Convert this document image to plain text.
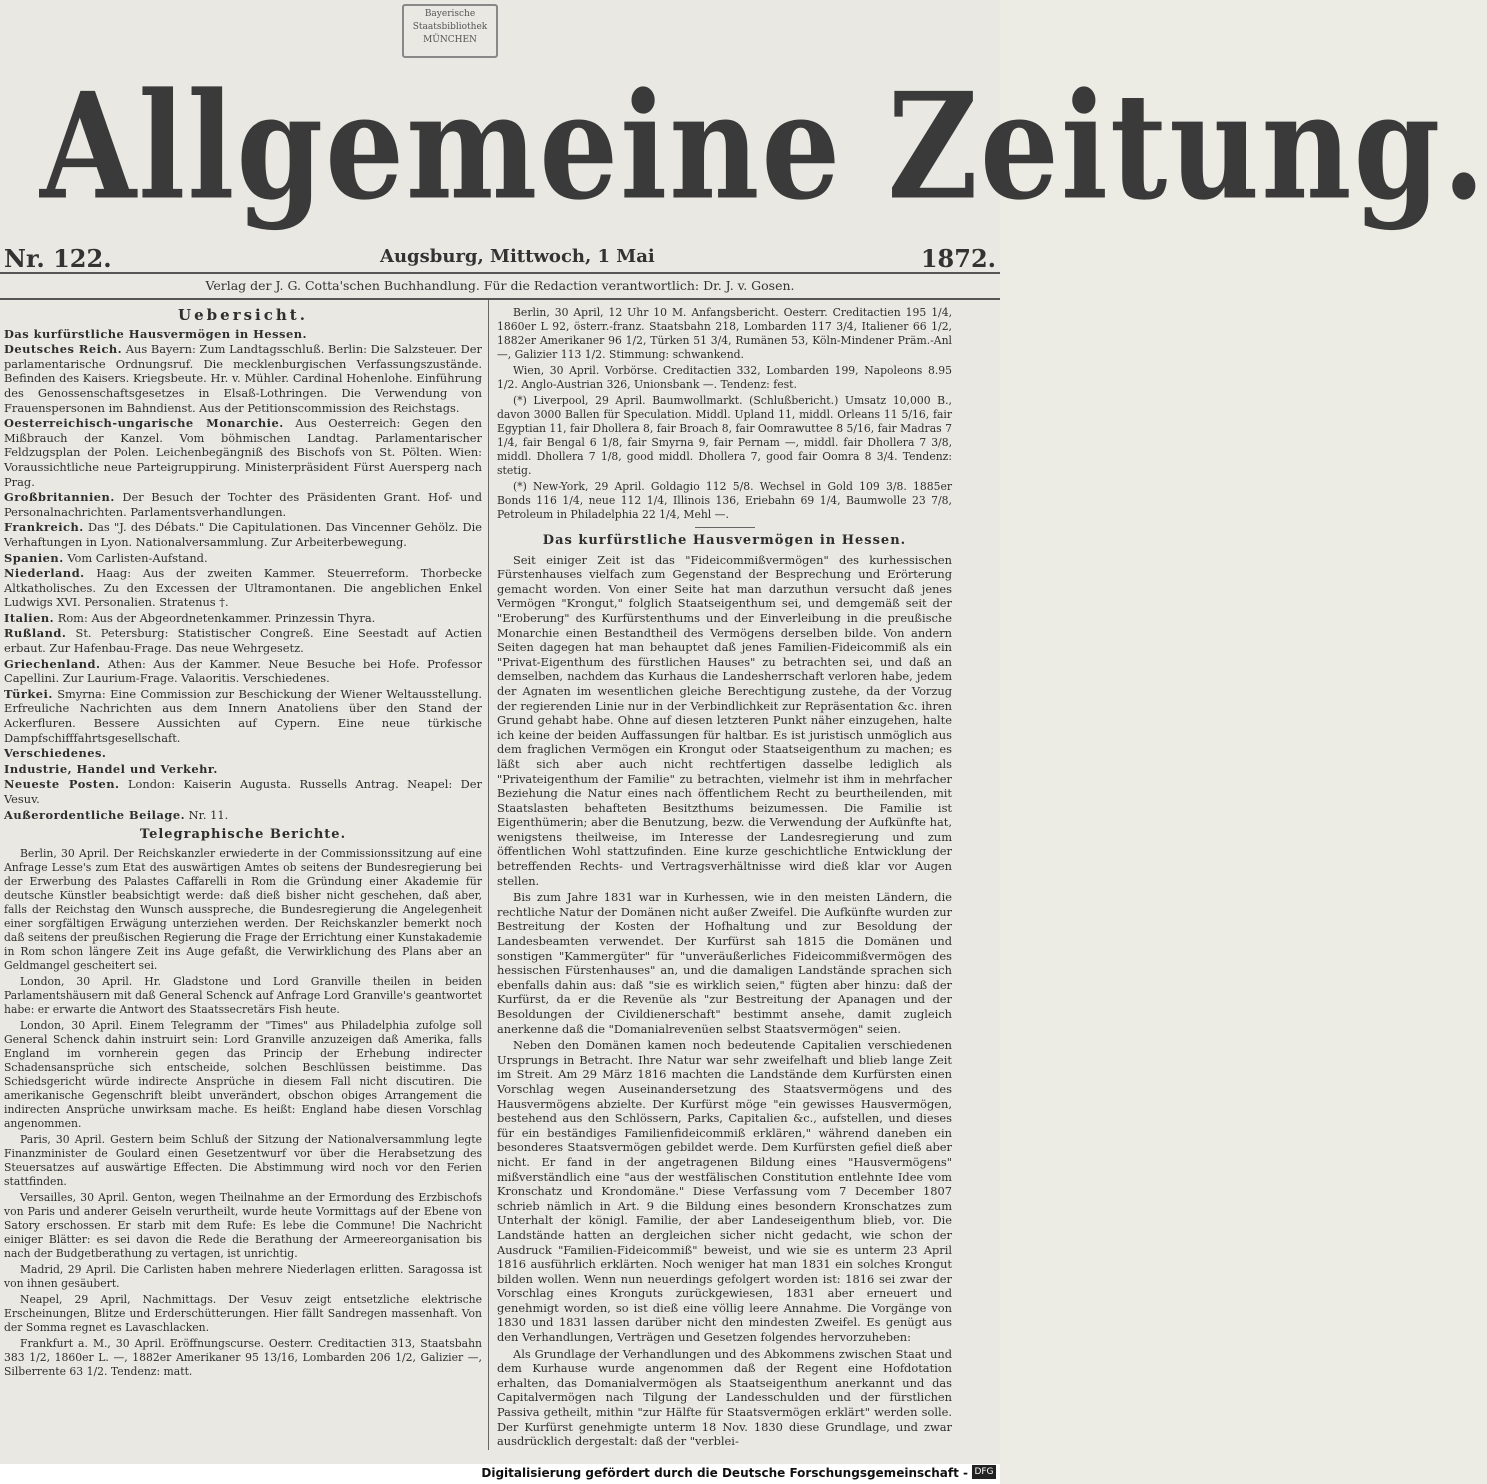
Bayerische
Staatsbibliothek
MÜNCHEN
Allgemeine Zeitung.
Nr. 122.	Augsburg, Mittwoch, 1 Mai	1872.
Verlag der J. G. Cotta'schen Buchhandlung. Für die Redaction verantwortlich: Dr. J. v. Gosen.
Uebersicht.
Das kurfürstliche Hausvermögen in Hessen.
Deutsches Reich. Aus Bayern: Zum Landtagsschluß. Berlin: Die Salzsteuer. Der parlamentarische Ordnungsruf. Die mecklenburgischen Verfassungszustände. Befinden des Kaisers. Kriegsbeute. Hr. v. Mühler. Cardinal Hohenlohe. Einführung des Genossenschaftsgesetzes in Elsaß-Lothringen. Die Verwendung von Frauenspersonen im Bahndienst. Aus der Petitionscommission des Reichstags.
Oesterreichisch-ungarische Monarchie. Aus Oesterreich: Gegen den Mißbrauch der Kanzel. Vom böhmischen Landtag. Parlamentarischer Feldzugsplan der Polen. Leichenbegängniß des Bischofs von St. Pölten. Wien: Voraussichtliche neue Parteigruppirung. Ministerpräsident Fürst Auersperg nach Prag.
Großbritannien. Der Besuch der Tochter des Präsidenten Grant. Hof- und Personalnachrichten. Parlamentsverhandlungen.
Frankreich. Das "J. des Débats." Die Capitulationen. Das Vincenner Gehölz. Die Verhaftungen in Lyon. Nationalversammlung. Zur Arbeiterbewegung.
Spanien. Vom Carlisten-Aufstand.
Niederland. Haag: Aus der zweiten Kammer. Steuerreform. Thorbecke Altkatholisches. Zu den Excessen der Ultramontanen. Die angeblichen Enkel Ludwigs XVI. Personalien. Stratenus †.
Italien. Rom: Aus der Abgeordnetenkammer. Prinzessin Thyra.
Rußland. St. Petersburg: Statistischer Congreß. Eine Seestadt auf Actien erbaut. Zur Hafenbau-Frage. Das neue Wehrgesetz.
Griechenland. Athen: Aus der Kammer. Neue Besuche bei Hofe. Professor Capellini. Zur Laurium-Frage. Valaoritis. Verschiedenes.
Türkei. Smyrna: Eine Commission zur Beschickung der Wiener Weltausstellung. Erfreuliche Nachrichten aus dem Innern Anatoliens über den Stand der Ackerfluren. Bessere Aussichten auf Cypern. Eine neue türkische Dampfschifffahrtsgesellschaft.
Verschiedenes.
Industrie, Handel und Verkehr.
Neueste Posten. London: Kaiserin Augusta. Russells Antrag. Neapel: Der Vesuv.
Außerordentliche Beilage. Nr. 11.
Telegraphische Berichte.

Berlin, 30 April. Der Reichskanzler erwiederte in der Commissionssitzung auf eine Anfrage Lesse's zum Etat des auswärtigen Amtes ob seitens der Bundesregierung bei der Erwerbung des Palastes Caffarelli in Rom die Gründung einer Akademie für deutsche Künstler beabsichtigt werde: daß dieß bisher nicht geschehen, daß aber, falls der Reichstag den Wunsch ausspreche, die Bundesregierung die Angelegenheit einer sorgfältigen Erwägung unterziehen werden. Der Reichskanzler bemerkt noch daß seitens der preußischen Regierung die Frage der Errichtung einer Kunstakademie in Rom schon längere Zeit ins Auge gefaßt, die Verwirklichung des Plans aber an Geldmangel gescheitert sei.

London, 30 April. Hr. Gladstone und Lord Granville theilen in beiden Parlamentshäusern mit daß General Schenck auf Anfrage Lord Granville's geantwortet habe: er erwarte die Antwort des Staatssecretärs Fish heute.

London, 30 April. Einem Telegramm der "Times" aus Philadelphia zufolge soll General Schenck dahin instruirt sein: Lord Granville anzuzeigen daß Amerika, falls England im vornherein gegen das Princip der Erhebung indirecter Schadensansprüche sich entscheide, solchen Beschlüssen beistimme. Das Schiedsgericht würde indirecte Ansprüche in diesem Fall nicht discutiren. Die amerikanische Gegenschrift bleibt unverändert, obschon obiges Arrangement die indirecten Ansprüche unwirksam mache. Es heißt: England habe diesen Vorschlag angenommen.

Paris, 30 April. Gestern beim Schluß der Sitzung der Nationalversammlung legte Finanzminister de Goulard einen Gesetzentwurf vor über die Herabsetzung des Steuersatzes auf auswärtige Effecten. Die Abstimmung wird noch vor den Ferien stattfinden.

Versailles, 30 April. Genton, wegen Theilnahme an der Ermordung des Erzbischofs von Paris und anderer Geiseln verurtheilt, wurde heute Vormittags auf der Ebene von Satory erschossen. Er starb mit dem Rufe: Es lebe die Commune! Die Nachricht einiger Blätter: es sei davon die Rede die Berathung der Armeereorganisation bis nach der Budgetberathung zu vertagen, ist unrichtig.

Madrid, 29 April. Die Carlisten haben mehrere Niederlagen erlitten. Saragossa ist von ihnen gesäubert.

Neapel, 29 April, Nachmittags. Der Vesuv zeigt entsetzliche elektrische Erscheinungen, Blitze und Erderschütterungen. Hier fällt Sandregen massenhaft. Von der Somma regnet es Lavaschlacken.

Frankfurt a. M., 30 April. Eröffnungscurse. Oesterr. Creditactien 313, Staatsbahn 383 1/2, 1860er L. —, 1882er Amerikaner 95 13/16, Lombarden 206 1/2, Galizier —, Silberrente 63 1/2. Tendenz: matt.

Berlin, 30 April, 12 Uhr 10 M. Anfangsbericht. Oesterr. Creditactien 195 1/4, 1860er L 92, österr.-franz. Staatsbahn 218, Lombarden 117 3/4, Italiener 66 1/2, 1882er Amerikaner 96 1/2, Türken 51 3/4, Rumänen 53, Köln-Mindener Präm.-Anl —, Galizier 113 1/2. Stimmung: schwankend.

Wien, 30 April. Vorbörse. Creditactien 332, Lombarden 199, Napoleons 8.95 1/2. Anglo-Austrian 326, Unionsbank —. Tendenz: fest.

(*) Liverpool, 29 April. Baumwollmarkt. (Schlußbericht.) Umsatz 10,000 B., davon 3000 Ballen für Speculation. Middl. Upland 11, middl. Orleans 11 5/16, fair Egyptian 11, fair Dhollera 8, fair Broach 8, fair Oomrawuttee 8 5/16, fair Madras 7 1/4, fair Bengal 6 1/8, fair Smyrna 9, fair Pernam —, middl. fair Dhollera 7 3/8, middl. Dhollera 7 1/8, good middl. Dhollera 7, good fair Oomra 8 3/4. Tendenz: stetig.

(*) New-York, 29 April. Goldagio 112 5/8. Wechsel in Gold 109 3/8. 1885er Bonds 116 1/4, neue 112 1/4, Illinois 136, Eriebahn 69 1/4, Baumwolle 23 7/8, Petroleum in Philadelphia 22 1/4, Mehl —.

Das kurfürstliche Hausvermögen in Hessen.

Seit einiger Zeit ist das "Fideicommißvermögen" des kurhessischen Fürstenhauses vielfach zum Gegenstand der Besprechung und Erörterung gemacht worden. Von einer Seite hat man darzuthun versucht daß jenes Vermögen "Krongut," folglich Staatseigenthum sei, und demgemäß seit der "Eroberung" des Kurfürstenthums und der Einverleibung in die preußische Monarchie einen Bestandtheil des Vermögens derselben bilde. Von andern Seiten dagegen hat man behauptet daß jenes Familien-Fideicommiß als ein "Privat-Eigenthum des fürstlichen Hauses" zu betrachten sei, und daß an demselben, nachdem das Kurhaus die Landesherrschaft verloren habe, jedem der Agnaten im wesentlichen gleiche Berechtigung zustehe, da der Vorzug der regierenden Linie nur in der Verbindlichkeit zur Repräsentation &c. ihren Grund gehabt habe. Ohne auf diesen letzteren Punkt näher einzugehen, halte ich keine der beiden Auffassungen für haltbar. Es ist juristisch unmöglich aus dem fraglichen Vermögen ein Krongut oder Staatseigenthum zu machen; es läßt sich aber auch nicht rechtfertigen dasselbe lediglich als "Privateigenthum der Familie" zu betrachten, vielmehr ist ihm in mehrfacher Beziehung die Natur eines nach öffentlichem Recht zu beurtheilenden, mit Staatslasten behafteten Besitzthums beizumessen. Die Familie ist Eigenthümerin; aber die Benutzung, bezw. die Verwendung der Aufkünfte hat, wenigstens theilweise, im Interesse der Landesregierung und zum öffentlichen Wohl stattzufinden. Eine kurze geschichtliche Entwicklung der betreffenden Rechts- und Vertragsverhältnisse wird dieß klar vor Augen stellen.

Bis zum Jahre 1831 war in Kurhessen, wie in den meisten Ländern, die rechtliche Natur der Domänen nicht außer Zweifel. Die Aufkünfte wurden zur Bestreitung der Kosten der Hofhaltung und zur Besoldung der Landesbeamten verwendet. Der Kurfürst sah 1815 die Domänen und sonstigen "Kammergüter" für "unveräußerliches Fideicommißvermögen des hessischen Fürstenhauses" an, und die damaligen Landstände sprachen sich ebenfalls dahin aus: daß "sie es wirklich seien," fügten aber hinzu: daß der Kurfürst, da er die Revenüe als "zur Bestreitung der Apanagen und der Besoldungen der Civildienerschaft" bestimmt ansehe, damit zugleich anerkenne daß die "Domanialrevenüen selbst Staatsvermögen" seien.

Neben den Domänen kamen noch bedeutende Capitalien verschiedenen Ursprungs in Betracht. Ihre Natur war sehr zweifelhaft und blieb lange Zeit im Streit. Am 29 März 1816 machten die Landstände dem Kurfürsten einen Vorschlag wegen Auseinandersetzung des Staatsvermögens und des Hausvermögens abzielte. Der Kurfürst möge "ein gewisses Hausvermögen, bestehend aus den Schlössern, Parks, Capitalien &c., aufstellen, und dieses für ein beständiges Familienfideicommiß erklären," während daneben ein besonderes Staatsvermögen gebildet werde. Dem Kurfürsten gefiel dieß aber nicht. Er fand in der angetragenen Bildung eines "Hausvermögens" mißverständlich eine "aus der westfälischen Constitution entlehnte Idee vom Kronschatz und Krondomäne." Diese Verfassung vom 7 December 1807 schrieb nämlich in Art. 9 die Bildung eines besondern Kronschatzes zum Unterhalt der königl. Familie, der aber Landeseigenthum blieb, vor. Die Landstände hatten an dergleichen sicher nicht gedacht, wie schon der Ausdruck "Familien-Fideicommiß" beweist, und wie sie es unterm 23 April 1816 ausführlich erklärten. Noch weniger hat man 1831 ein solches Krongut bilden wollen. Wenn nun neuerdings gefolgert worden ist: 1816 sei zwar der Vorschlag eines Kronguts zurückgewiesen, 1831 aber erneuert und genehmigt worden, so ist dieß eine völlig leere Annahme. Die Vorgänge von 1830 und 1831 lassen darüber nicht den mindesten Zweifel. Es genügt aus den Verhandlungen, Verträgen und Gesetzen folgendes hervorzuheben:

Als Grundlage der Verhandlungen und des Abkommens zwischen Staat und dem Kurhause wurde angenommen daß der Regent eine Hofdotation erhalten, das Domanialvermögen als Staatseigenthum anerkannt und das Capitalvermögen nach Tilgung der Landesschulden und der fürstlichen Passiva getheilt, mithin "zur Hälfte für Staatsvermögen erklärt" werden solle. Der Kurfürst genehmigte unterm 18 Nov. 1830 diese Grundlage, und zwar ausdrücklich dergestalt: daß der "verblei-

Digitalisierung gefördert durch die Deutsche Forschungsgemeinschaft - DFG
